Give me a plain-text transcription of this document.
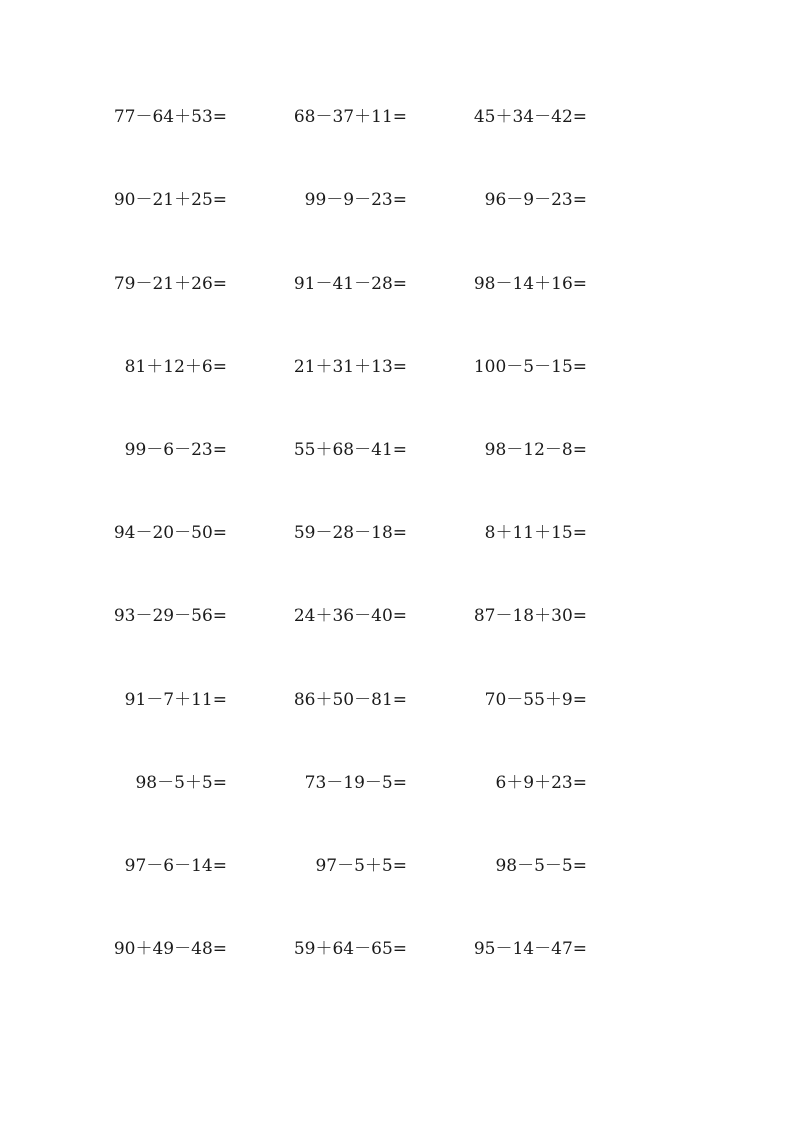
77－64＋53=	68－37＋11=	45＋34－42=
90－21＋25=	99－9－23=	96－9－23=
79－21＋26=	91－41－28=	98－14＋16=
81＋12＋6=	21＋31＋13=	100－5－15=
99－6－23=	55＋68－41=	98－12－8=
94－20－50=	59－28－18=	8＋11＋15=
93－29－56=	24＋36－40=	87－18＋30=
91－7＋11=	86＋50－81=	70－55＋9=
98－5＋5=	73－19－5=	6＋9＋23=
97－6－14=	97－5＋5=	98－5－5=
90＋49－48=	59＋64－65=	95－14－47=
